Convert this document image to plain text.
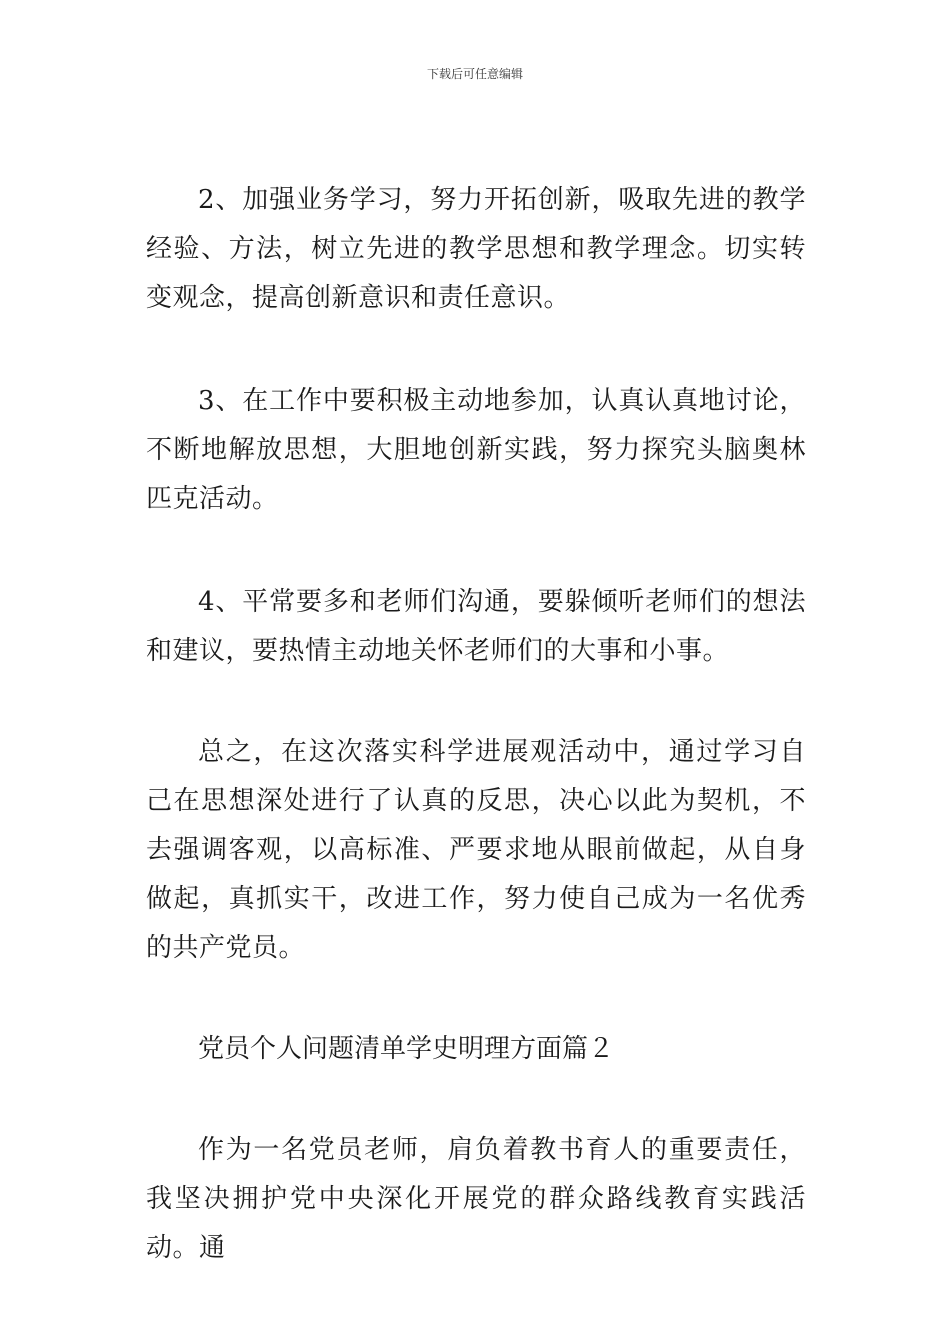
下载后可任意编辑

2、加强业务学习，努力开拓创新，吸取先进的教学经验、方法，树立先进的教学思想和教学理念。切实转变观念，提高创新意识和责任意识。

3、在工作中要积极主动地参加，认真认真地讨论，不断地解放思想，大胆地创新实践，努力探究头脑奥林匹克活动。

4、平常要多和老师们沟通，要躲倾听老师们的想法和建议，要热情主动地关怀老师们的大事和小事。

总之，在这次落实科学进展观活动中，通过学习自己在思想深处进行了认真的反思，决心以此为契机，不去强调客观，以高标准、严要求地从眼前做起，从自身做起，真抓实干，改进工作，努力使自己成为一名优秀的共产党员。

党员个人问题清单学史明理方面篇２

作为一名党员老师，肩负着教书育人的重要责任，我坚决拥护党中央深化开展党的群众路线教育实践活动。通
